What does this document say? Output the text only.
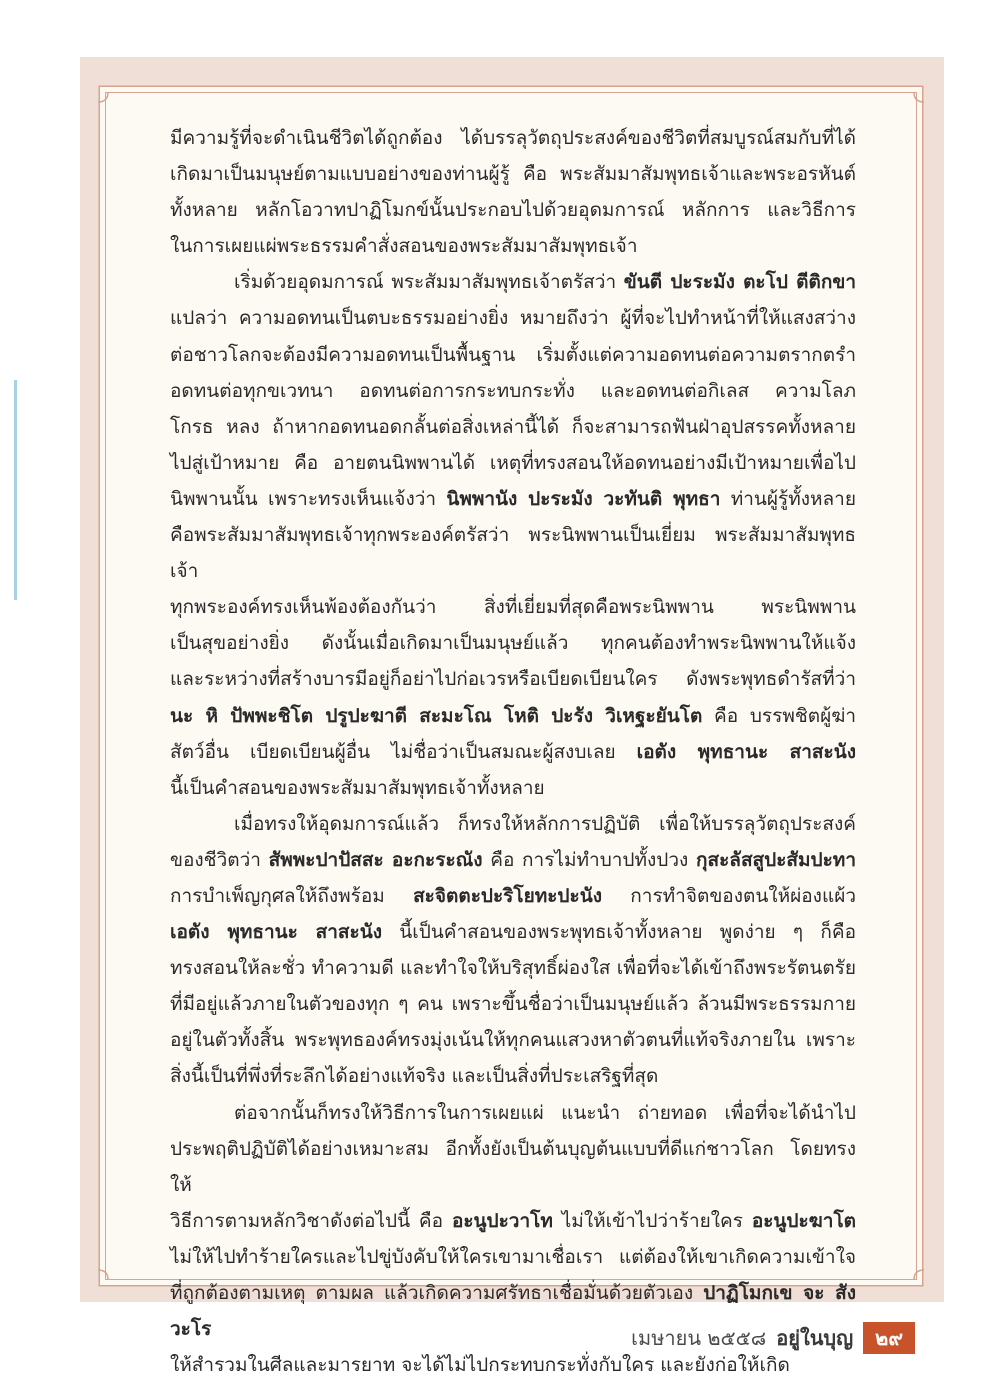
มีความรู้ที่จะดำเนินชีวิตได้ถูกต้อง ได้บรรลุวัตถุประสงค์ของชีวิตที่สมบูรณ์สมกับที่ได้
เกิดมาเป็นมนุษย์ตามแบบอย่างของท่านผู้รู้ คือ พระสัมมาสัมพุทธเจ้าและพระอรหันต์
ทั้งหลาย หลักโอวาทปาฏิโมกข์นั้นประกอบไปด้วยอุดมการณ์ หลักการ และวิธีการ
ในการเผยแผ่พระธรรมคำสั่งสอนของพระสัมมาสัมพุทธเจ้า
เริ่มด้วยอุดมการณ์ พระสัมมาสัมพุทธเจ้าตรัสว่า ขันตี ปะระมัง ตะโป ตีติกขา
แปลว่า ความอดทนเป็นตบะธรรมอย่างยิ่ง หมายถึงว่า ผู้ที่จะไปทำหน้าที่ให้แสงสว่าง
ต่อชาวโลกจะต้องมีความอดทนเป็นพื้นฐาน เริ่มตั้งแต่ความอดทนต่อความตรากตรำ
อดทนต่อทุกขเวทนา อดทนต่อการกระทบกระทั่ง และอดทนต่อกิเลส ความโลภ
โกรธ หลง ถ้าหากอดทนอดกลั้นต่อสิ่งเหล่านี้ได้ ก็จะสามารถฟันฝ่าอุปสรรคทั้งหลาย
ไปสู่เป้าหมาย คือ อายตนนิพพานได้ เหตุที่ทรงสอนให้อดทนอย่างมีเป้าหมายเพื่อไป
นิพพานนั้น เพราะทรงเห็นแจ้งว่า นิพพานัง ปะระมัง วะทันติ พุทธา ท่านผู้รู้ทั้งหลาย
คือพระสัมมาสัมพุทธเจ้าทุกพระองค์ตรัสว่า พระนิพพานเป็นเยี่ยม พระสัมมาสัมพุทธเจ้า
ทุกพระองค์ทรงเห็นพ้องต้องกันว่า สิ่งที่เยี่ยมที่สุดคือพระนิพพาน พระนิพพาน
เป็นสุขอย่างยิ่ง ดังนั้นเมื่อเกิดมาเป็นมนุษย์แล้ว ทุกคนต้องทำพระนิพพานให้แจ้ง
และระหว่างที่สร้างบารมีอยู่ก็อย่าไปก่อเวรหรือเบียดเบียนใคร ดังพระพุทธดำรัสที่ว่า
นะ หิ ปัพพะชิโต ปรูปะฆาตี สะมะโณ โหติ ปะรัง วิเหฐะยันโต คือ บรรพชิตผู้ฆ่า
สัตว์อื่น เบียดเบียนผู้อื่น ไม่ชื่อว่าเป็นสมณะผู้สงบเลย เอตัง พุทธานะ สาสะนัง
นี้เป็นคำสอนของพระสัมมาสัมพุทธเจ้าทั้งหลาย
เมื่อทรงให้อุดมการณ์แล้ว ก็ทรงให้หลักการปฏิบัติ เพื่อให้บรรลุวัตถุประสงค์
ของชีวิตว่า สัพพะปาปัสสะ อะกะระณัง คือ การไม่ทำบาปทั้งปวง กุสะลัสสูปะสัมปะทา
การบำเพ็ญกุศลให้ถึงพร้อม สะจิตตะปะริโยทะปะนัง การทำจิตของตนให้ผ่องแผ้ว
เอตัง พุทธานะ สาสะนัง นี้เป็นคำสอนของพระพุทธเจ้าทั้งหลาย พูดง่าย ๆ ก็คือ
ทรงสอนให้ละชั่ว ทำความดี และทำใจให้บริสุทธิ์ผ่องใส เพื่อที่จะได้เข้าถึงพระรัตนตรัย
ที่มีอยู่แล้วภายในตัวของทุก ๆ คน เพราะขึ้นชื่อว่าเป็นมนุษย์แล้ว ล้วนมีพระธรรมกาย
อยู่ในตัวทั้งสิ้น พระพุทธองค์ทรงมุ่งเน้นให้ทุกคนแสวงหาตัวตนที่แท้จริงภายใน เพราะ
สิ่งนี้เป็นที่พึ่งที่ระลึกได้อย่างแท้จริง และเป็นสิ่งที่ประเสริฐที่สุด
ต่อจากนั้นก็ทรงให้วิธีการในการเผยแผ่ แนะนำ ถ่ายทอด เพื่อที่จะได้นำไป
ประพฤติปฏิบัติได้อย่างเหมาะสม อีกทั้งยังเป็นต้นบุญต้นแบบที่ดีแก่ชาวโลก โดยทรงให้
วิธีการตามหลักวิชาดังต่อไปนี้ คือ อะนูปะวาโท ไม่ให้เข้าไปว่าร้ายใคร อะนูปะฆาโต
ไม่ให้ไปทำร้ายใครและไปขู่บังคับให้ใครเขามาเชื่อเรา แต่ต้องให้เขาเกิดความเข้าใจ
ที่ถูกต้องตามเหตุ ตามผล แล้วเกิดความศรัทธาเชื่อมั่นด้วยตัวเอง ปาฏิโมกเข จะ สังวะโร
ให้สำรวมในศีลและมารยาท จะได้ไม่ไปกระทบกระทั่งกับใคร และยังก่อให้เกิด
เมษายน ๒๕๕๘ อยู่ในบุญ	๒๙
